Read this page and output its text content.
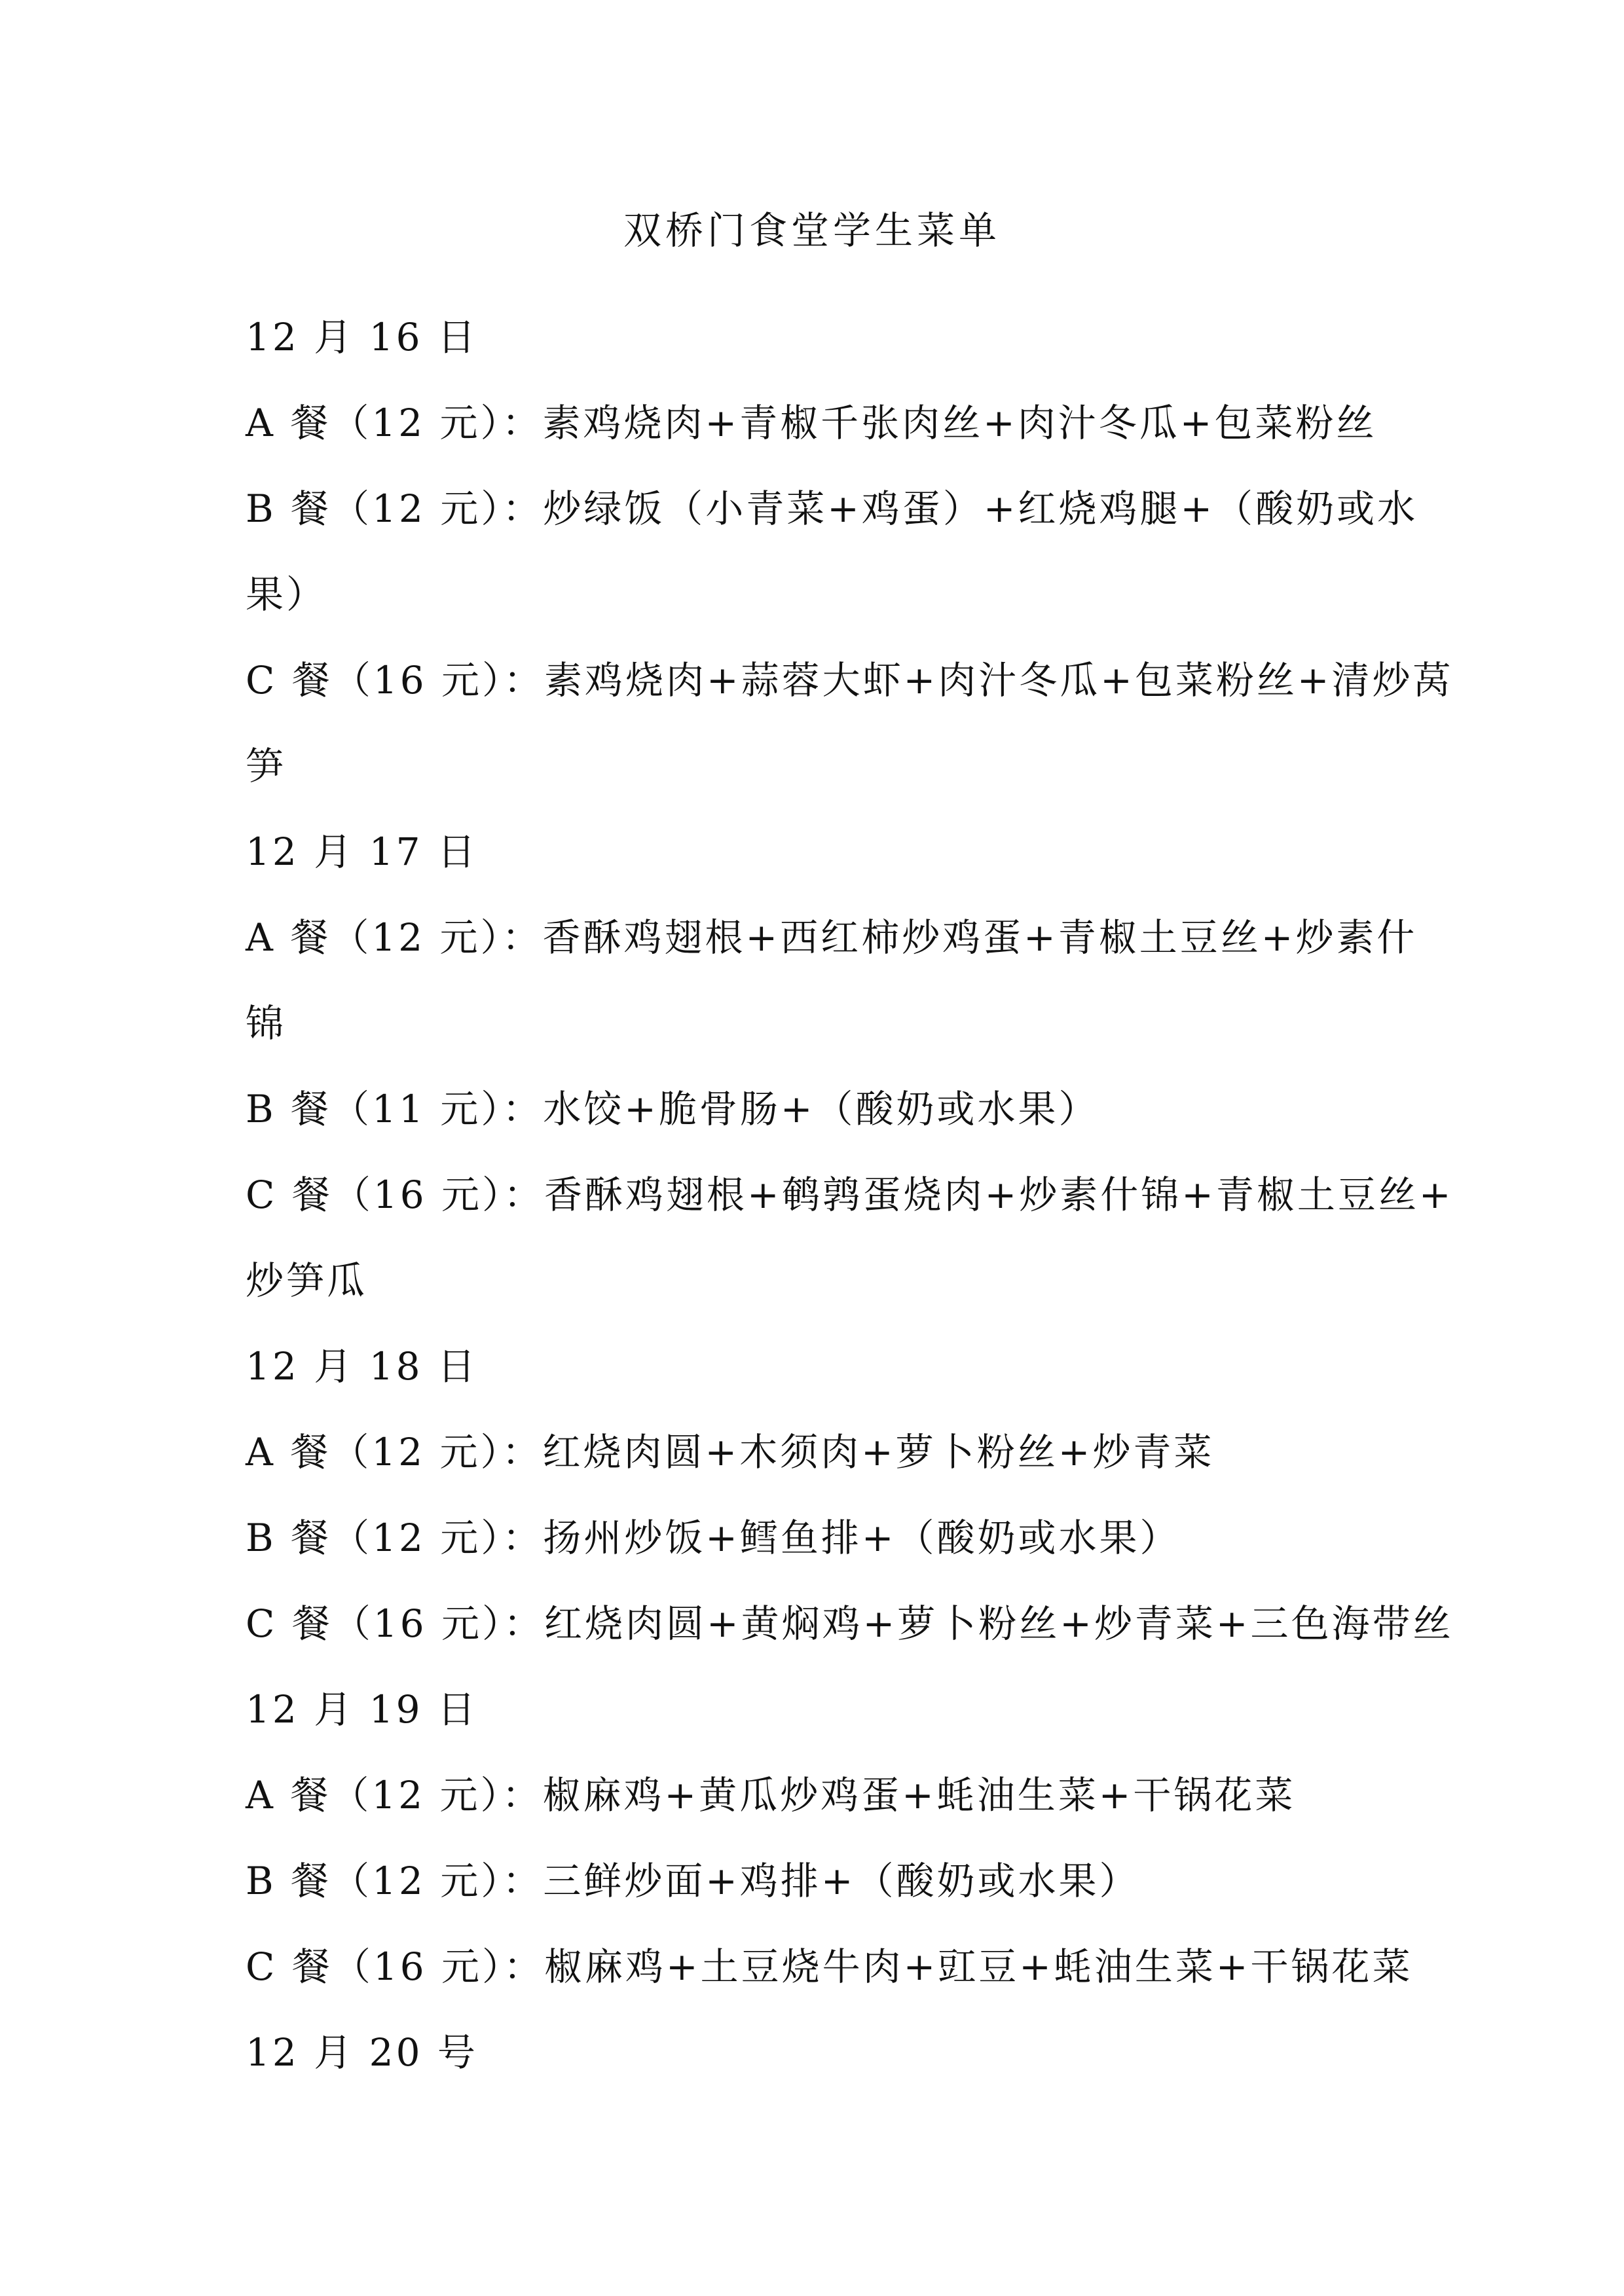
双桥门食堂学生菜单
12 月 16 日
A 餐（12 元）：素鸡烧肉+青椒千张肉丝+肉汁冬瓜+包菜粉丝
B 餐（12 元）：炒绿饭（小青菜+鸡蛋）+红烧鸡腿+（酸奶或水
果）
C 餐（16 元）：素鸡烧肉+蒜蓉大虾+肉汁冬瓜+包菜粉丝+清炒莴
笋
12 月 17 日
A 餐（12 元）：香酥鸡翅根+西红柿炒鸡蛋+青椒土豆丝+炒素什
锦
B 餐（11 元）：水饺+脆骨肠+（酸奶或水果）
C 餐（16 元）：香酥鸡翅根+鹌鹑蛋烧肉+炒素什锦+青椒土豆丝+
炒笋瓜
12 月 18 日
A 餐（12 元）：红烧肉圆+木须肉+萝卜粉丝+炒青菜
B 餐（12 元）：扬州炒饭+鳕鱼排+（酸奶或水果）
C 餐（16 元）：红烧肉圆+黄焖鸡+萝卜粉丝+炒青菜+三色海带丝
12 月 19 日
A 餐（12 元）：椒麻鸡+黄瓜炒鸡蛋+蚝油生菜+干锅花菜
B 餐（12 元）：三鲜炒面+鸡排+（酸奶或水果）
C 餐（16 元）：椒麻鸡+土豆烧牛肉+豇豆+蚝油生菜+干锅花菜
12 月 20 号
